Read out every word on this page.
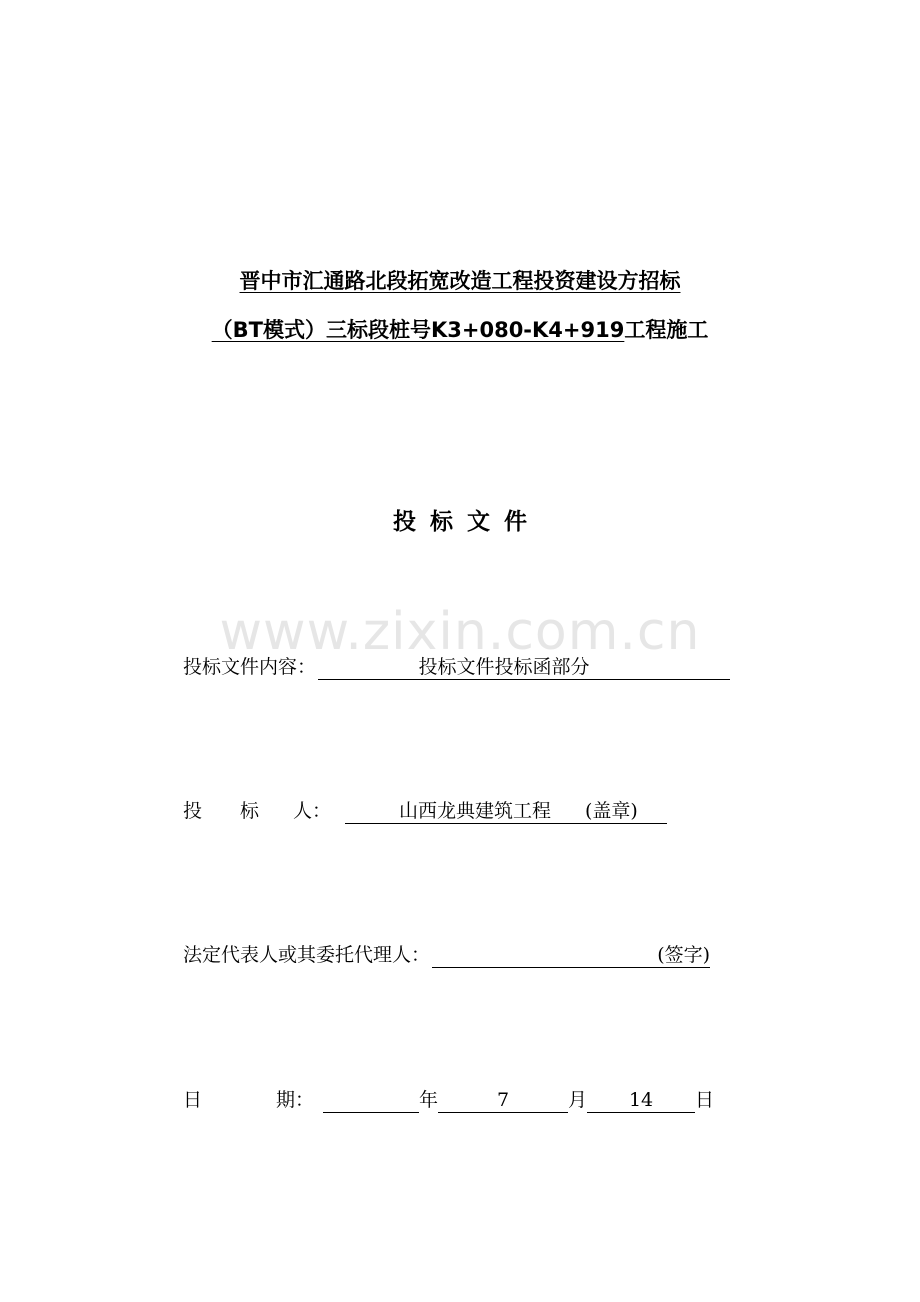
晋中市汇通路北段拓宽改造工程投资建设方招标
（BT模式）三标段桩号K3+080-K4+919工程施工
投标文件
www.zixin.com.cn
投标文件内容：	投标文件投标函部分
投 标 人：	山西龙典建筑工程 (盖章)
法定代表人或其委托代理人：	(签字)
日	期：	年	7	月 14 日
